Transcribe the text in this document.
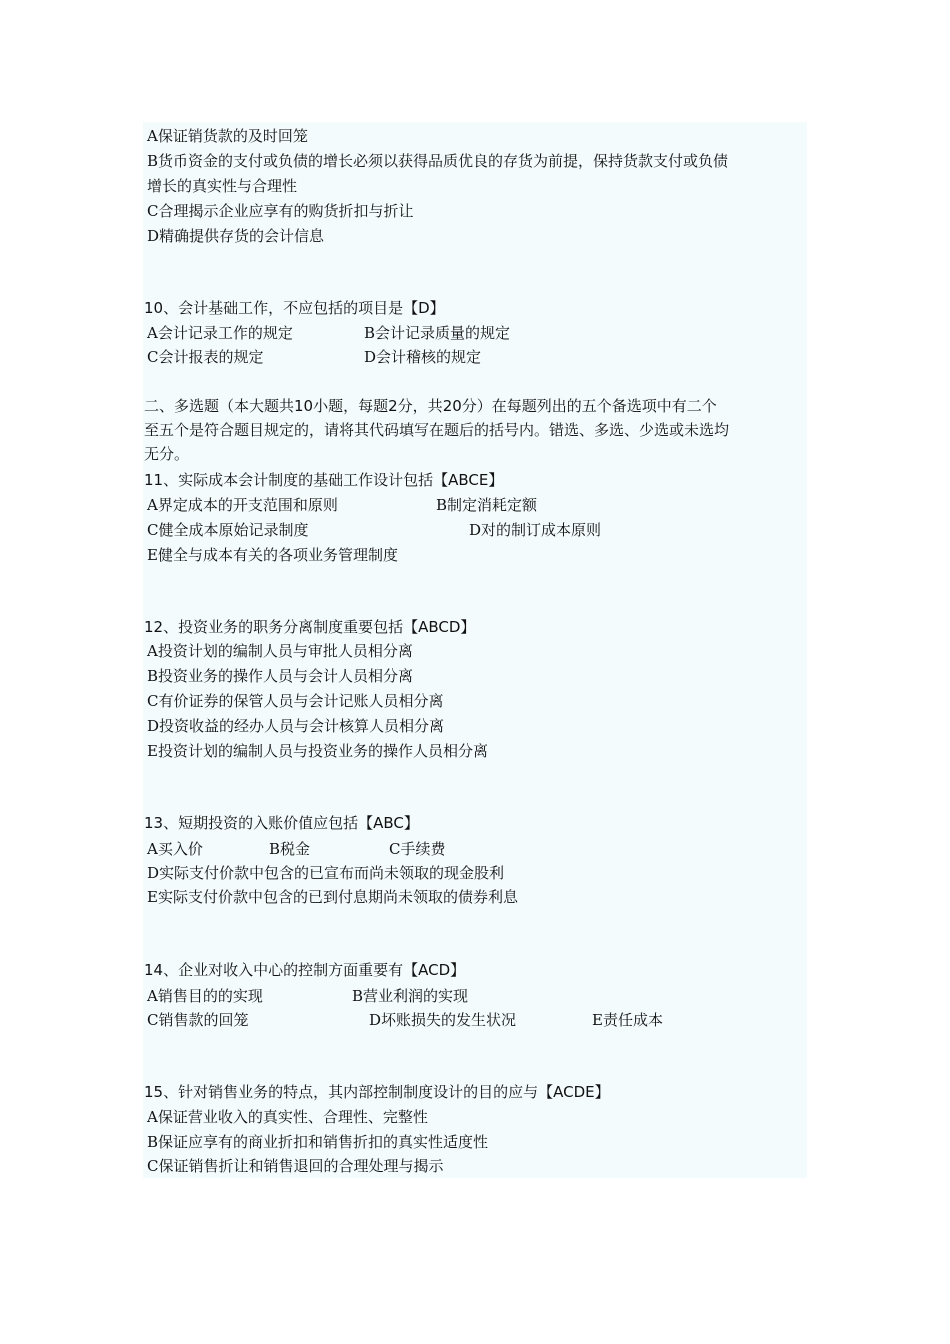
A保证销货款的及时回笼
B货币资金的支付或负债的增长必须以获得品质优良的存货为前提，保持货款支付或负债
增长的真实性与合理性
C合理揭示企业应享有的购货折扣与折让
D精确提供存货的会计信息
10、会计基础工作，不应包括的项目是【D】
A会计记录工作的规定	B会计记录质量的规定
C会计报表的规定	D会计稽核的规定
二、多选题（本大题共10小题，每题2分，共20分）在每题列出的五个备选项中有二个
至五个是符合题目规定的，请将其代码填写在题后的括号内。错选、多选、少选或未选均
无分。
11、实际成本会计制度的基础工作设计包括【ABCE】
A界定成本的开支范围和原则	B制定消耗定额
C健全成本原始记录制度	D对的制订成本原则
E健全与成本有关的各项业务管理制度
12、投资业务的职务分离制度重要包括【ABCD】
A投资计划的编制人员与审批人员相分离
B投资业务的操作人员与会计人员相分离
C有价证券的保管人员与会计记账人员相分离
D投资收益的经办人员与会计核算人员相分离
E投资计划的编制人员与投资业务的操作人员相分离
13、短期投资的入账价值应包括【ABC】
A买入价	B税金	C手续费
D实际支付价款中包含的已宣布而尚未领取的现金股利
E实际支付价款中包含的已到付息期尚未领取的债券利息
14、企业对收入中心的控制方面重要有【ACD】
A销售目的的实现	B营业利润的实现
C销售款的回笼	D坏账损失的发生状况	E责任成本
15、针对销售业务的特点，其内部控制制度设计的目的应与【ACDE】
A保证营业收入的真实性、合理性、完整性
B保证应享有的商业折扣和销售折扣的真实性适度性
C保证销售折让和销售退回的合理处理与揭示
